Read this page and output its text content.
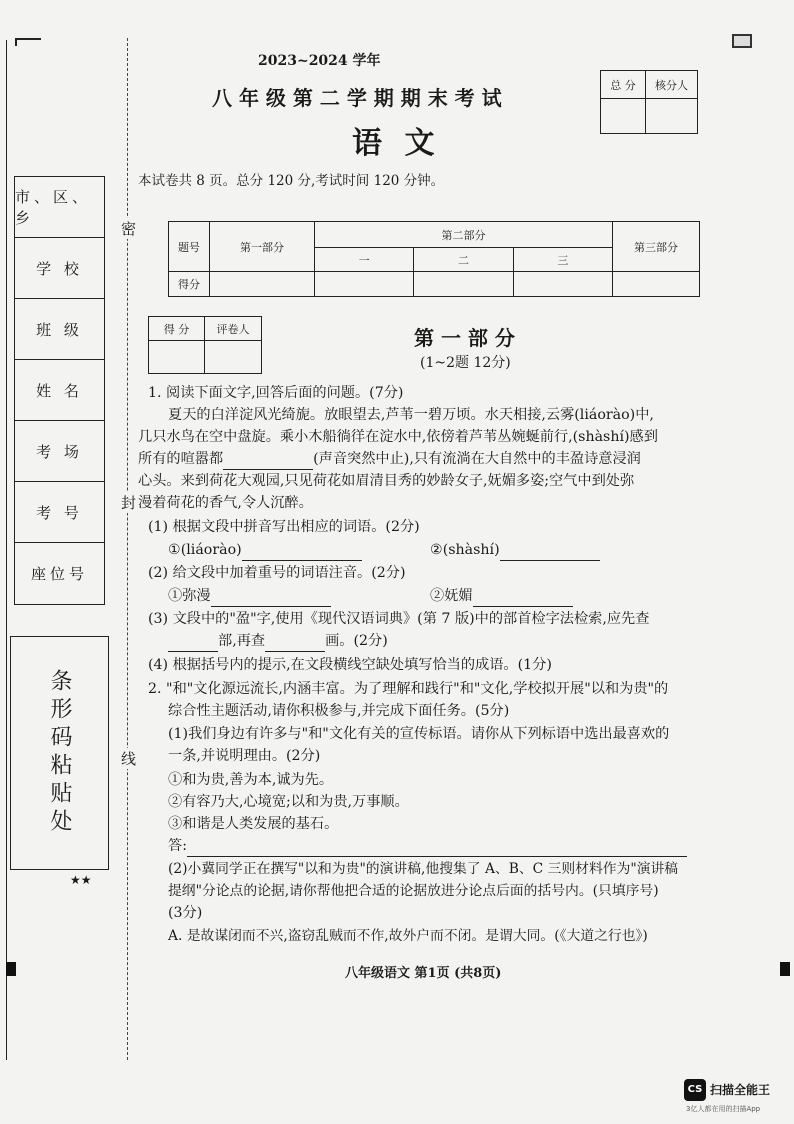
市、区、乡
学 校
班 级
姓 名
考 场
考 号
座位号
条形码粘贴处
★★
密
封
线
2023~2024 学年
八 年 级 第 二 学 期 期 末 考 试
语 文
总 分	核分人

本试卷共 8 页。总分 120 分,考试时间 120 分钟。
题号	第一部分	第二部分			第三部分
		一	二	三	
得分					
得 分	评卷人
		第 一 部 分
(1~2题 12分)
1. 阅读下面文字,回答后面的问题。(7分)
夏天的白洋淀风光绮旎。放眼望去,芦苇一碧万顷。水天相接,云雾(liáorào)中,
几只水鸟在空中盘旋。乘小木船徜徉在淀水中,依傍着芦苇丛婉蜒前行,(shàshí)感到
所有的喧嚣都	(声音突然中止),只有流淌在大自然中的丰盈诗意浸润
心头。来到荷花大观园,只见荷花如眉清目秀的妙龄女子,妩媚多姿;空气中到处弥
漫着荷花的香气,令人沉醉。
(1) 根据文段中拼音写出相应的词语。(2分)
①(liáorào)	②(shàshí)
(2) 给文段中加着重号的词语注音。(2分)
①弥漫	②妩媚
(3) 文段中的"盈"字,使用《现代汉语词典》(第 7 版)中的部首检字法检索,应先查
部,再查	画。(2分)
(4) 根据括号内的提示,在文段横线空缺处填写恰当的成语。(1分)
2. "和"文化源远流长,内涵丰富。为了理解和践行"和"文化,学校拟开展"以和为贵"的
综合性主题活动,请你积极参与,并完成下面任务。(5分)
(1)我们身边有许多与"和"文化有关的宣传标语。请你从下列标语中选出最喜欢的
一条,并说明理由。(2分)
①和为贵,善为本,诚为先。
②有容乃大,心境宽;以和为贵,万事顺。
③和谐是人类发展的基石。
答:
(2)小冀同学正在撰写"以和为贵"的演讲稿,他搜集了 A、B、C 三则材料作为"演讲稿
提纲"分论点的论据,请你帮他把合适的论据放进分论点后面的括号内。(只填序号)
(3分)
A. 是故谋闭而不兴,盗窃乱贼而不作,故外户而不闭。是谓大同。(《大道之行也》)
八年级语文 第1页 (共8页)
CS 扫描全能王
3亿人都在用的扫描App
